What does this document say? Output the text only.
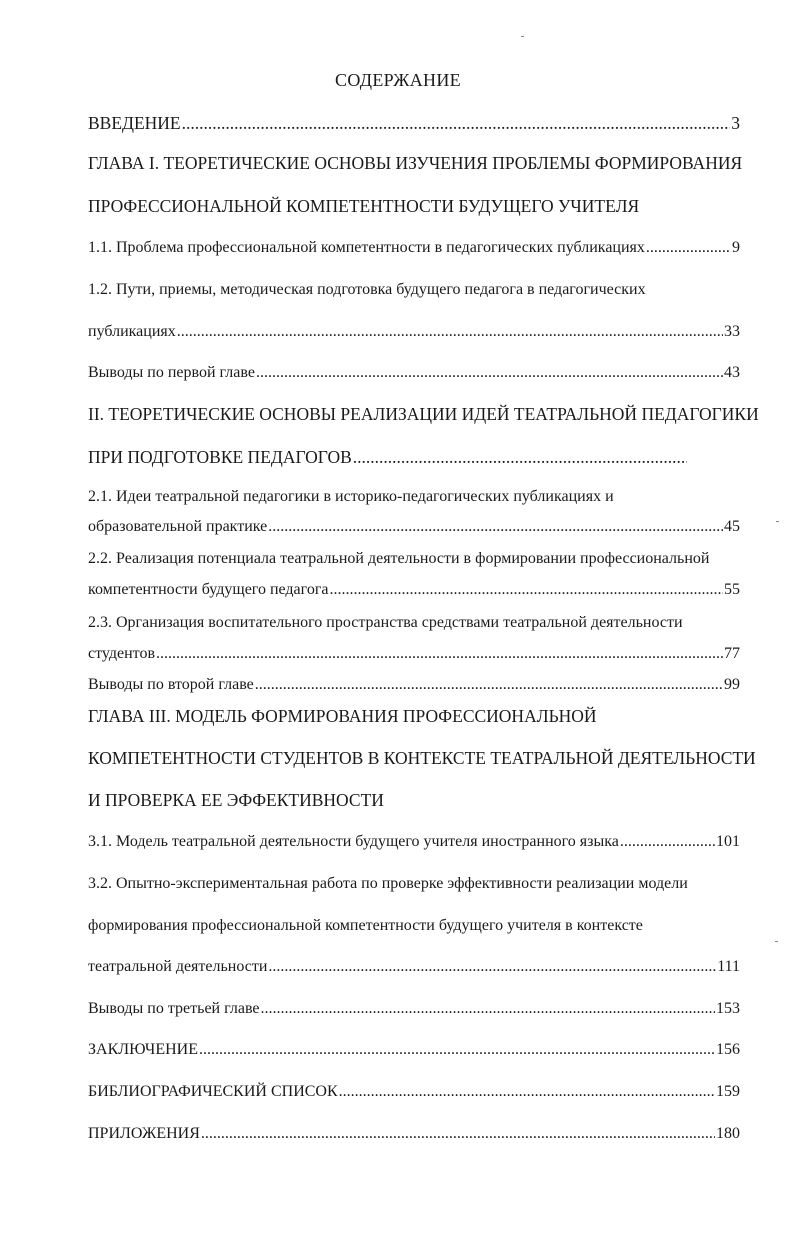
СОДЕРЖАНИЕ
ВВЕДЕНИЕ .....	3
ГЛАВА I. ТЕОРЕТИЧЕСКИЕ ОСНОВЫ ИЗУЧЕНИЯ ПРОБЛЕМЫ ФОРМИРОВАНИЯ
ПРОФЕССИОНАЛЬНОЙ КОМПЕТЕНТНОСТИ БУДУЩЕГО УЧИТЕЛЯ
1.1. Проблема профессиональной компетентности в педагогических публикациях .....	9
1.2. Пути, приемы, методическая подготовка будущего педагога в педагогических
публикациях .....	33
Выводы по первой главе .....	43
II. ТЕОРЕТИЧЕСКИЕ ОСНОВЫ РЕАЛИЗАЦИИ ИДЕЙ ТЕАТРАЛЬНОЙ ПЕДАГОГИКИ
ПРИ ПОДГОТОВКЕ ПЕДАГОГОВ
.....
2.1. Идеи театральной педагогики в историко-педагогических публикациях и
образовательной практике .....	45
2.2. Реализация потенциала театральной деятельности в формировании профессиональной
компетентности будущего педагога .....	55
2.3. Организация воспитательного пространства средствами театральной деятельности
студентов .....	77
Выводы по второй главе .....	99
ГЛАВА III. МОДЕЛЬ ФОРМИРОВАНИЯ ПРОФЕССИОНАЛЬНОЙ
КОМПЕТЕНТНОСТИ СТУДЕНТОВ В КОНТЕКСТЕ ТЕАТРАЛЬНОЙ ДЕЯТЕЛЬНОСТИ
И ПРОВЕРКА ЕЕ ЭФФЕКТИВНОСТИ
3.1. Модель театральной деятельности будущего учителя иностранного языка .....	101
3.2. Опытно-экспериментальная работа по проверке эффективности реализации модели
формирования профессиональной компетентности будущего учителя в контексте
театральной деятельности .....	111
Выводы по третьей главе .....	153
ЗАКЛЮЧЕНИЕ .....	156
БИБЛИОГРАФИЧЕСКИЙ СПИСОК .....	159
ПРИЛОЖЕНИЯ .....	180
